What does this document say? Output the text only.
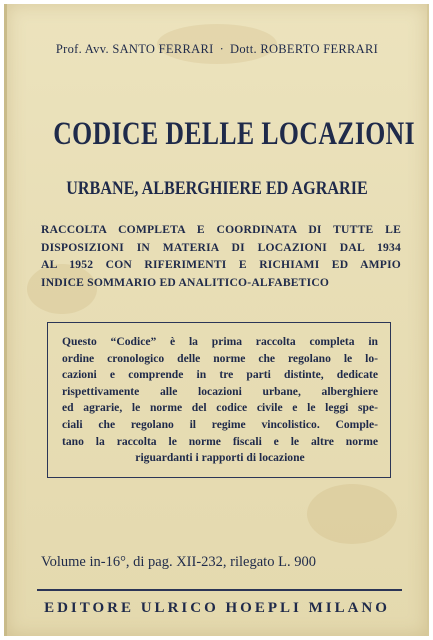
Prof. Avv. SANTO FERRARI · Dott. ROBERTO FERRARI
CODICE DELLE LOCAZIONI
URBANE, ALBERGHIERE ED AGRARIE
RACCOLTA COMPLETA E COORDINATA DI TUTTE LE
DISPOSIZIONI IN MATERIA DI LOCAZIONI DAL 1934
AL 1952 CON RIFERIMENTI E RICHIAMI ED AMPIO
INDICE SOMMARIO ED ANALITICO-ALFABETICO
Questo “Codice” è la prima raccolta completa in
ordine cronologico delle norme che regolano le lo-
cazioni e comprende in tre parti distinte, dedicate
rispettivamente alle locazioni urbane, alberghiere
ed agrarie, le norme del codice civile e le leggi spe-
ciali che regolano il regime vincolistico. Comple-
tano la raccolta le norme fiscali e le altre norme
riguardanti i rapporti di locazione
Volume in-16°, di pag. XII-232, rilegato L. 900
EDITORE ULRICO HOEPLI MILANO
